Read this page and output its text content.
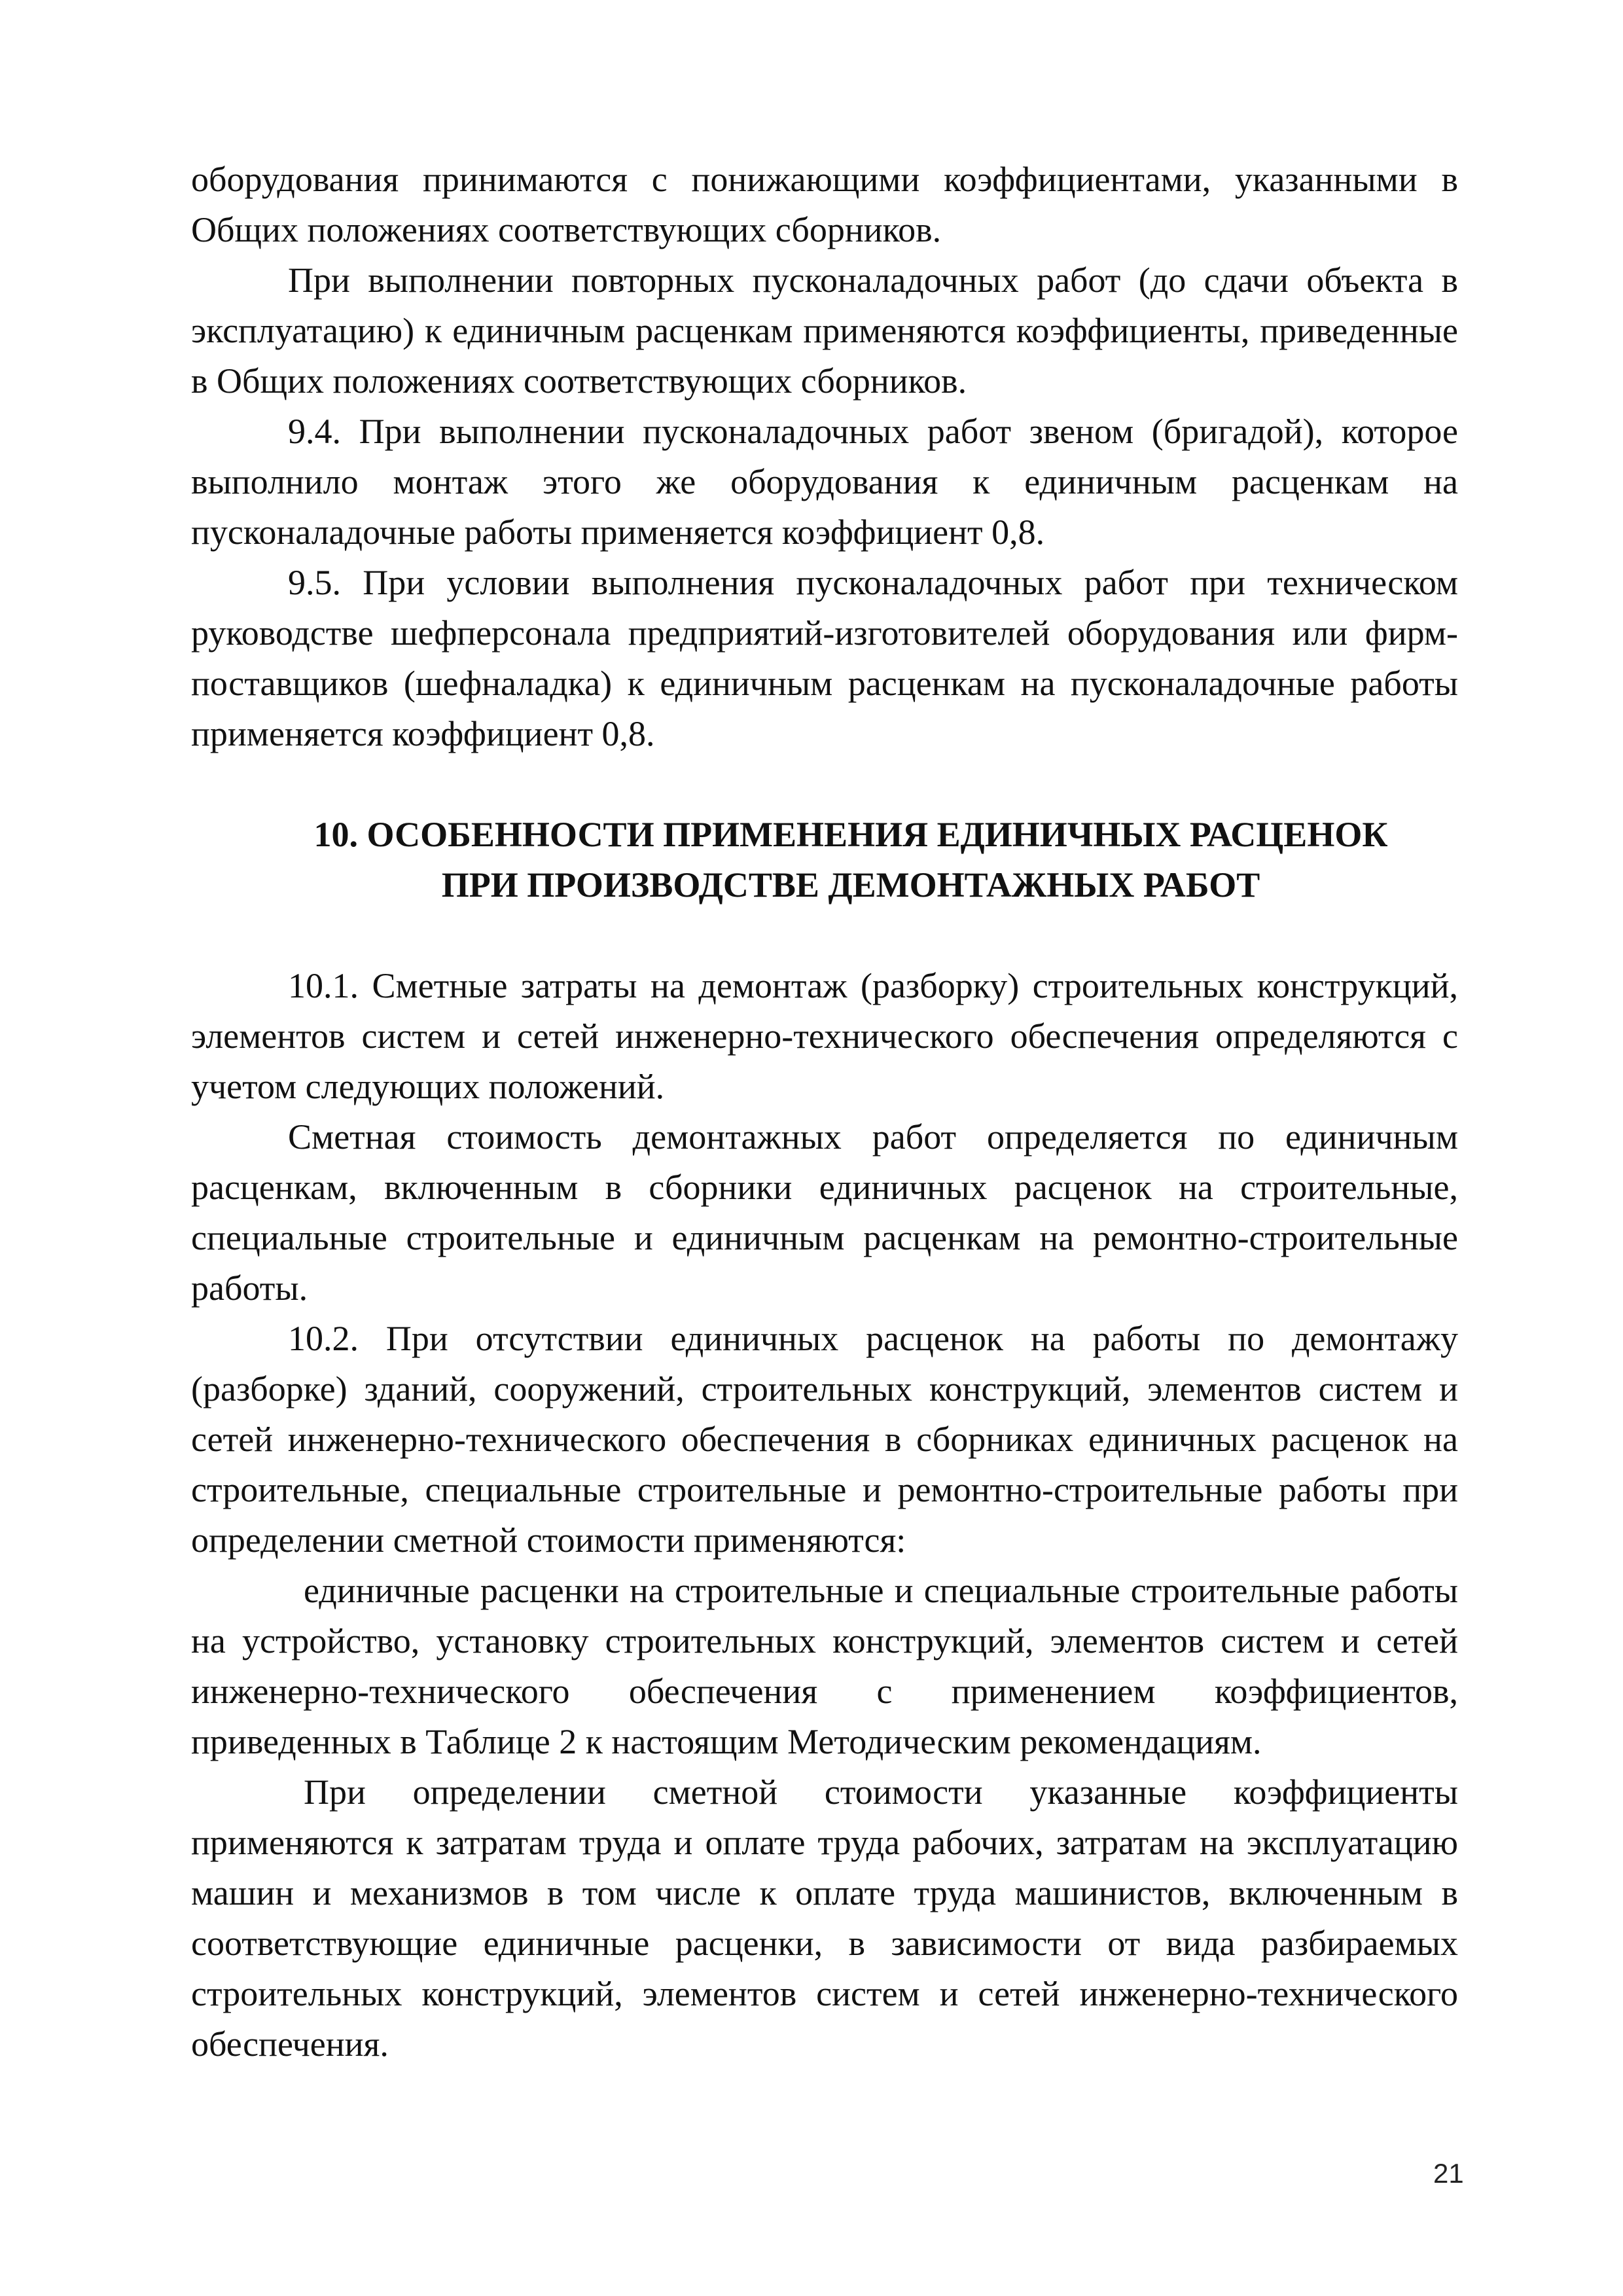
оборудования принимаются с понижающими коэффициентами, указанными в Общих положениях соответствующих сборников.

При выполнении повторных пусконаладочных работ (до сдачи объекта в эксплуатацию) к единичным расценкам применяются коэффициенты, приведенные в Общих положениях соответствующих сборников.

9.4. При выполнении пусконаладочных работ звеном (бригадой), которое выполнило монтаж этого же оборудования к единичным расценкам на пусконаладочные работы применяется коэффициент 0,8.

9.5. При условии выполнения пусконаладочных работ при техническом руководстве шефперсонала предприятий-изготовителей оборудования или фирм-поставщиков (шефналадка) к единичным расценкам на пусконаладочные работы применяется коэффициент 0,8.

10. ОСОБЕННОСТИ ПРИМЕНЕНИЯ ЕДИНИЧНЫХ РАСЦЕНОК
ПРИ ПРОИЗВОДСТВЕ ДЕМОНТАЖНЫХ РАБОТ

10.1. Сметные затраты на демонтаж (разборку) строительных конструкций, элементов систем и сетей инженерно-технического обеспечения определяются с учетом следующих положений.

Сметная стоимость демонтажных работ определяется по единичным расценкам, включенным в сборники единичных расценок на строительные, специальные строительные и единичным расценкам на ремонтно-строительные работы.

10.2. При отсутствии единичных расценок на работы по демонтажу (разборке) зданий, сооружений, строительных конструкций, элементов систем и сетей инженерно-технического обеспечения в сборниках единичных расценок на строительные, специальные строительные и ремонтно-строительные работы при определении сметной стоимости применяются:

единичные расценки на строительные и специальные строительные работы на устройство, установку строительных конструкций, элементов систем и сетей инженерно-технического обеспечения с применением коэффициентов, приведенных в Таблице 2 к настоящим Методическим рекомендациям.

При определении сметной стоимости указанные коэффициенты применяются к затратам труда и оплате труда рабочих, затратам на эксплуатацию машин и механизмов в том числе к оплате труда машинистов, включенным в соответствующие единичные расценки, в зависимости от вида разбираемых строительных конструкций, элементов систем и сетей инженерно-технического обеспечения.

21
